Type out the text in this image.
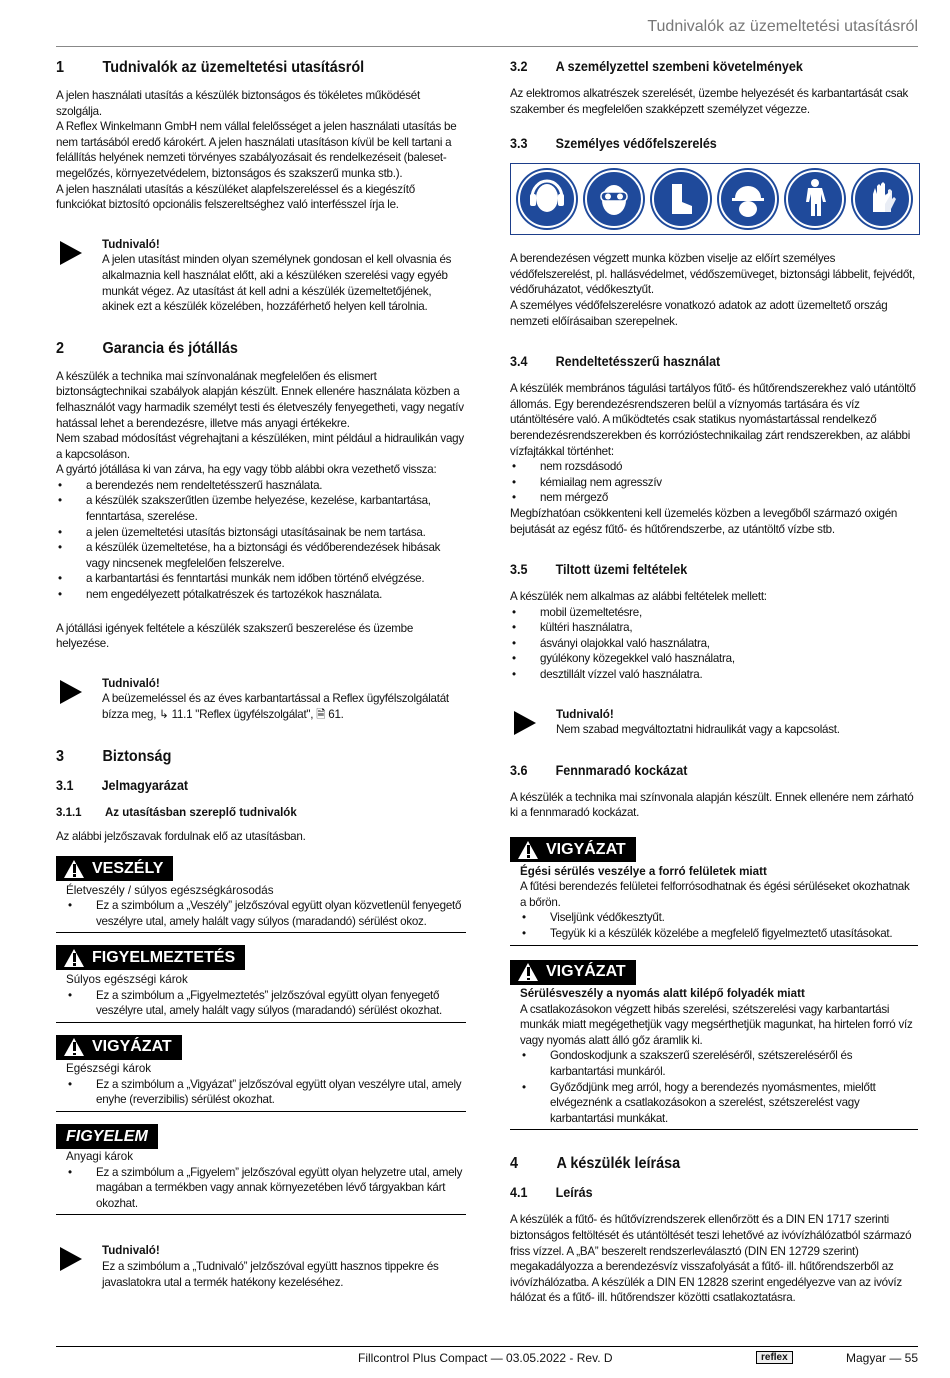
Tudnivalók az üzemeltetési utasításról
1	Tudnivalók az üzemeltetési utasításról

A jelen használati utasítás a készülék biztonságos és tökéletes működését szolgálja.

A Reflex Winkelmann GmbH nem vállal felelősséget a jelen használati utasítás be nem tartásából eredő károkért. A jelen használati utasításon kívül be kell tartani a felállítás helyének nemzeti törvényes szabályozásait és rendelkezéseit (baleset-megelőzés, környezetvédelem, biztonságos és szakszerű munka stb.).

A jelen használati utasítás a készüléket alapfelszereléssel és a kiegészítő funkciókat biztosító opcionális felszereltséghez való interfésszel írja le.

Tudnivaló!

A jelen utasítást minden olyan személynek gondosan el kell olvasnia és alkalmaznia kell használat előtt, aki a készüléken szerelési vagy egyéb munkát végez. Az utasítást át kell adni a készülék üzemeltetőjének, akinek ezt a készülék közelében, hozzáférhető helyen kell tárolnia.

2	Garancia és jótállás

A készülék a technika mai színvonalának megfelelően és elismert biztonságtechnikai szabályok alapján készült. Ennek ellenére használata közben a felhasználót vagy harmadik személyt testi és életveszély fenyegetheti, vagy negatív hatással lehet a berendezésre, illetve más anyagi értékekre.

Nem szabad módosítást végrehajtani a készüléken, mint például a hidraulikán vagy a kapcsoláson.

A gyártó jótállása ki van zárva, ha egy vagy több alábbi okra vezethető vissza:

• a berendezés nem rendeltetésszerű használata.
• a készülék szakszerűtlen üzembe helyezése, kezelése, karbantartása, fenntartása, szerelése.
• a jelen üzemeltetési utasítás biztonsági utasításainak be nem tartása.
• a készülék üzemeltetése, ha a biztonsági és védőberendezések hibásak vagy nincsenek megfelelően felszerelve.
• a karbantartási és fenntartási munkák nem időben történő elvégzése.
• nem engedélyezett pótalkatrészek és tartozékok használata.

A jótállási igények feltétele a készülék szakszerű beszerelése és üzembe helyezése.

Tudnivaló!

A beüzemeléssel és az éves karbantartással a Reflex ügyfélszolgálatát bízza meg, ↳ 11.1 "Reflex ügyfélszolgálat", 🗎 61.

3	Biztonság
3.1	Jelmagyarázat
3.1.1	Az utasításban szereplő tudnivalók

Az alábbi jelzőszavak fordulnak elő az utasításban.

VESZÉLY
Életveszély / súlyos egészségkárosodás
• Ez a szimbólum a „Veszély” jelzőszóval együtt olyan közvetlenül fenyegető veszélyre utal, amely halált vagy súlyos (maradandó) sérülést okoz.
FIGYELMEZTETÉS
Súlyos egészségi károk
• Ez a szimbólum a „Figyelmeztetés” jelzőszóval együtt olyan fenyegető veszélyre utal, amely halált vagy súlyos (maradandó) sérülést okozhat.
VIGYÁZAT
Egészségi károk
• Ez a szimbólum a „Vigyázat” jelzőszóval együtt olyan veszélyre utal, amely enyhe (reverzibilis) sérülést okozhat.
FIGYELEM
Anyagi károk
• Ez a szimbólum a „Figyelem” jelzőszóval együtt olyan helyzetre utal, amely magában a termékben vagy annak környezetében lévő tárgyakban kárt okozhat.
Tudnivaló!

Ez a szimbólum a „Tudnivaló” jelzőszóval együtt hasznos tippekre és javaslatokra utal a termék hatékony kezeléséhez.

3.2	A személyzettel szembeni követelmények

Az elektromos alkatrészek szerelését, üzembe helyezését és karbantartását csak szakember és megfelelően szakképzett személyzet végezze.

3.3	Személyes védőfelszerelés

A berendezésen végzett munka közben viselje az előírt személyes védőfelszerelést, pl. hallásvédelmet, védőszemüveget, biztonsági lábbelit, fejvédőt, védőruházatot, védőkesztyűt.

A személyes védőfelszerelésre vonatkozó adatok az adott üzemeltető ország nemzeti előírásaiban szerepelnek.

3.4	Rendeltetésszerű használat

A készülék membrános tágulási tartályos fűtő- és hűtőrendszerekhez való utántöltő állomás. Egy berendezésrendszeren belül a víznyomás tartására és víz utántöltésére való. A működtetés csak statikus nyomástartással rendelkező berendezésrendszerekben és korrózióstechnikailag zárt rendszerekben, az alábbi vízfajtákkal történhet:

• nem rozsdásodó
• kémiailag nem agresszív
• nem mérgező

Megbízhatóan csökkenteni kell üzemelés közben a levegőből származó oxigén bejutását az egész fűtő- és hűtőrendszerbe, az utántöltő vízbe stb.

3.5	Tiltott üzemi feltételek

A készülék nem alkalmas az alábbi feltételek mellett:

• mobil üzemeltetésre,
• kültéri használatra,
• ásványi olajokkal való használatra,
• gyúlékony közegekkel való használatra,
• desztillált vízzel való használatra.
Tudnivaló!

Nem szabad megváltoztatni hidraulikát vagy a kapcsolást.

3.6	Fennmaradó kockázat

A készülék a technika mai színvonala alapján készült. Ennek ellenére nem zárható ki a fennmaradó kockázat.

VIGYÁZAT
Égési sérülés veszélye a forró felületek miatt

A fűtési berendezés felületei felforrósodhatnak és égési sérüléseket okozhatnak a bőrön.

• Viseljünk védőkesztyűt.
• Tegyük ki a készülék közelébe a megfelelő figyelmeztető utasításokat.
VIGYÁZAT
Sérülésveszély a nyomás alatt kilépő folyadék miatt

A csatlakozásokon végzett hibás szerelési, szétszerelési vagy karbantartási munkák miatt megégethetjük vagy megsérthetjük magunkat, ha hirtelen forró víz vagy nyomás alatt álló gőz áramlik ki.

• Gondoskodjunk a szakszerű szereléséről, szétszereléséről és karbantartási munkáról.
• Győződjünk meg arról, hogy a berendezés nyomásmentes, mielőtt elvégeznénk a csatlakozásokon a szerelést, szétszerelést vagy karbantartási munkákat.
4	A készülék leírása
4.1	Leírás

A készülék a fűtő- és hűtővízrendszerek ellenőrzött és a DIN EN 1717 szerinti biztonságos feltöltését és utántöltését teszi lehetővé az ivóvízhálózatból származó friss vízzel. A „BA” beszerelt rendszerleválasztó (DIN EN 12729 szerint) megakadályozza a berendezésvíz visszafolyását a fűtő- ill. hűtőrendszerből az ivóvízhálózatba. A készülék a DIN EN 12828 szerint engedélyezve van az ivóvíz hálózat és a fűtő- ill. hűtőrendszer közötti csatlakoztatásra.

Fillcontrol Plus Compact — 03.05.2022 - Rev. D	reflex	Magyar — 55
